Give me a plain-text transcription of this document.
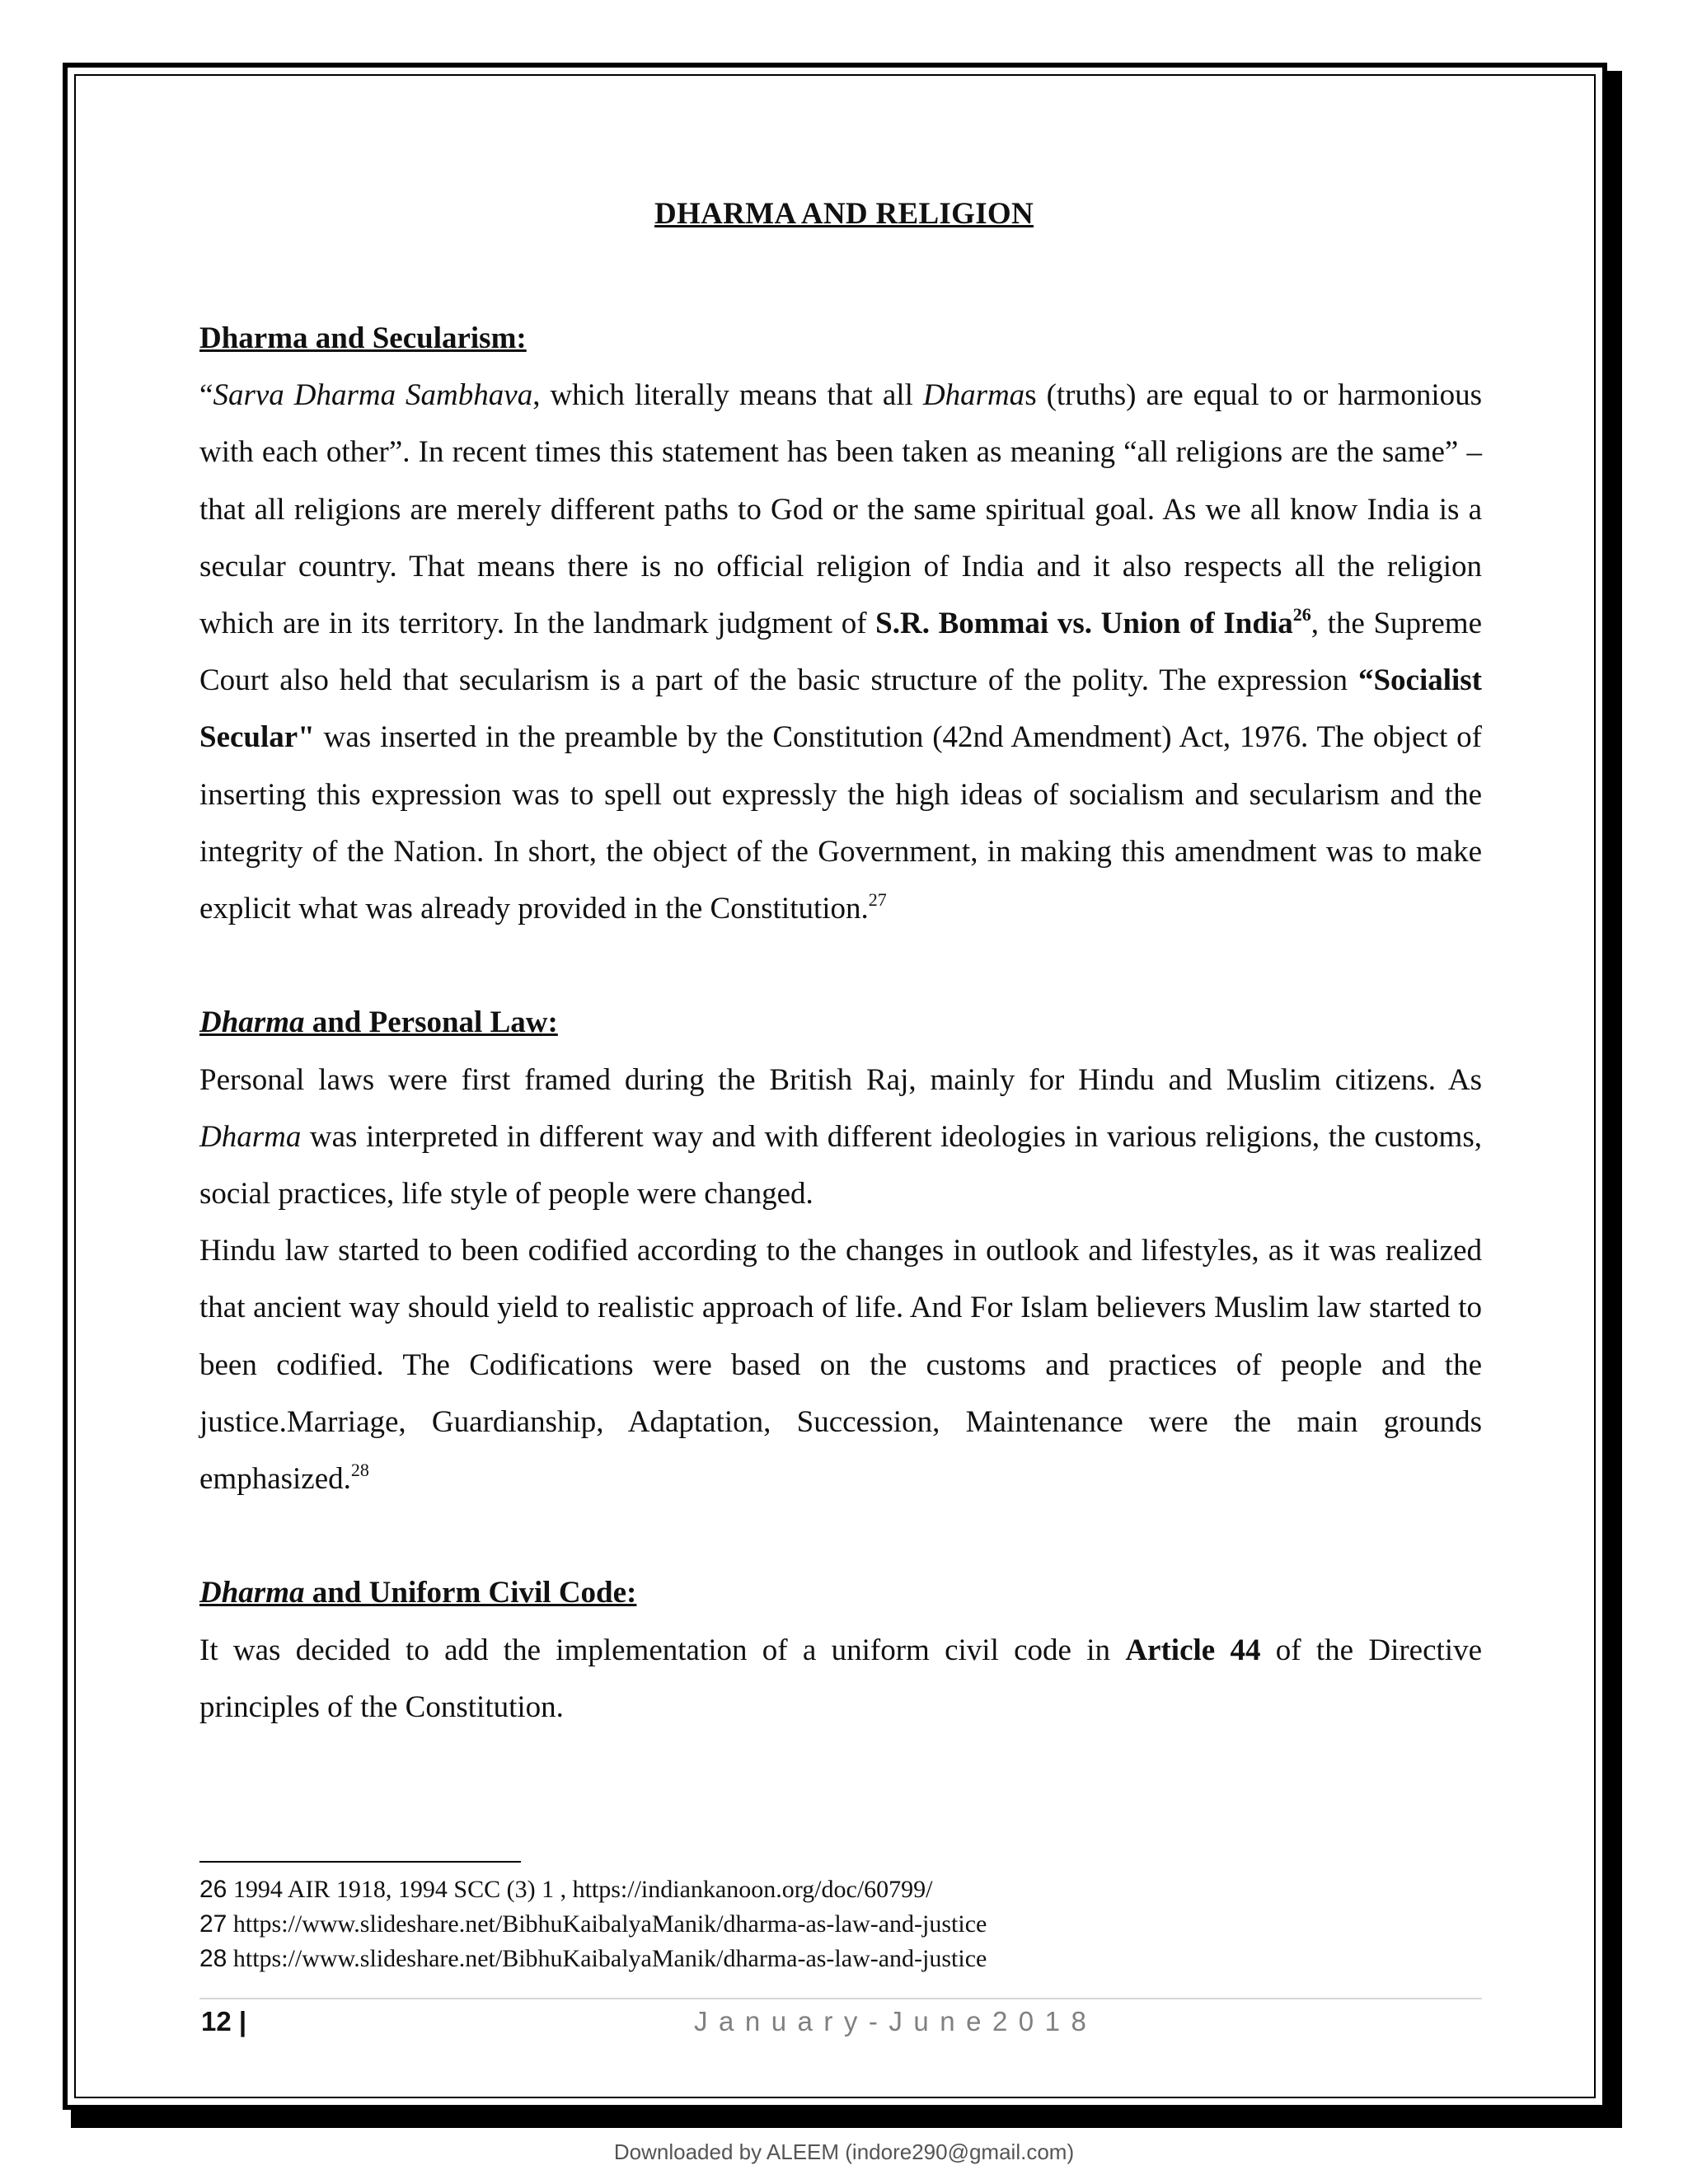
DHARMA AND RELIGION
Dharma and Secularism:

“Sarva Dharma Sambhava, which literally means that all Dharmas (truths) are equal to or harmonious with each other”. In recent times this statement has been taken as meaning “all religions are the same” – that all religions are merely different paths to God or the same spiritual goal. As we all know India is a secular country. That means there is no official religion of India and it also respects all the religion which are in its territory. In the landmark judgment of S.R. Bommai vs. Union of India$^{26}$, the Supreme Court also held that secularism is a part of the basic structure of the polity. The expression “Socialist Secular" was inserted in the preamble by the Constitution (42nd Amendment) Act, 1976. The object of inserting this expression was to spell out expressly the high ideas of socialism and secularism and the integrity of the Nation. In short, the object of the Government, in making this amendment was to make explicit what was already provided in the Constitution.$^{27}$

Dharma and Personal Law:

Personal laws were first framed during the British Raj, mainly for Hindu and Muslim citizens. As Dharma was interpreted in different way and with different ideologies in various religions, the customs, social practices, life style of people were changed.

Hindu law started to been codified according to the changes in outlook and lifestyles, as it was realized that ancient way should yield to realistic approach of life. And For Islam believers Muslim law started to been codified. The Codifications were based on the customs and practices of people and the justice.Marriage, Guardianship, Adaptation, Succession, Maintenance were the main grounds emphasized.$^{28}$

Dharma and Uniform Civil Code:

It was decided to add the implementation of a uniform civil code in Article 44 of the Directive principles of the Constitution.

26 1994 AIR 1918, 1994 SCC (3) 1 , https://indiankanoon.org/doc/60799/
27 https://www.slideshare.net/BibhuKaibalyaManik/dharma-as-law-and-justice
28 https://www.slideshare.net/BibhuKaibalyaManik/dharma-as-law-and-justice
12 |	January-June2018
Downloaded by ALEEM (indore290@gmail.com)
